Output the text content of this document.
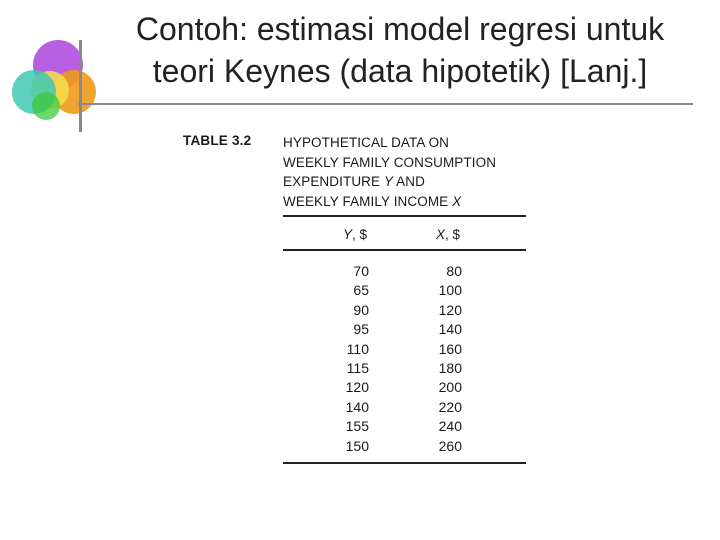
Contoh: estimasi model regresi untuk
teori Keynes (data hipotetik) [Lanj.]
TABLE 3.2 HYPOTHETICAL DATA ON
WEEKLY FAMILY CONSUMPTION
EXPENDITURE Y AND
WEEKLY FAMILY INCOME X
Y, $	X, $
70
65
90
95
110
115
120
140
155
150
80
100
120
140
160
180
200
220
240
260
